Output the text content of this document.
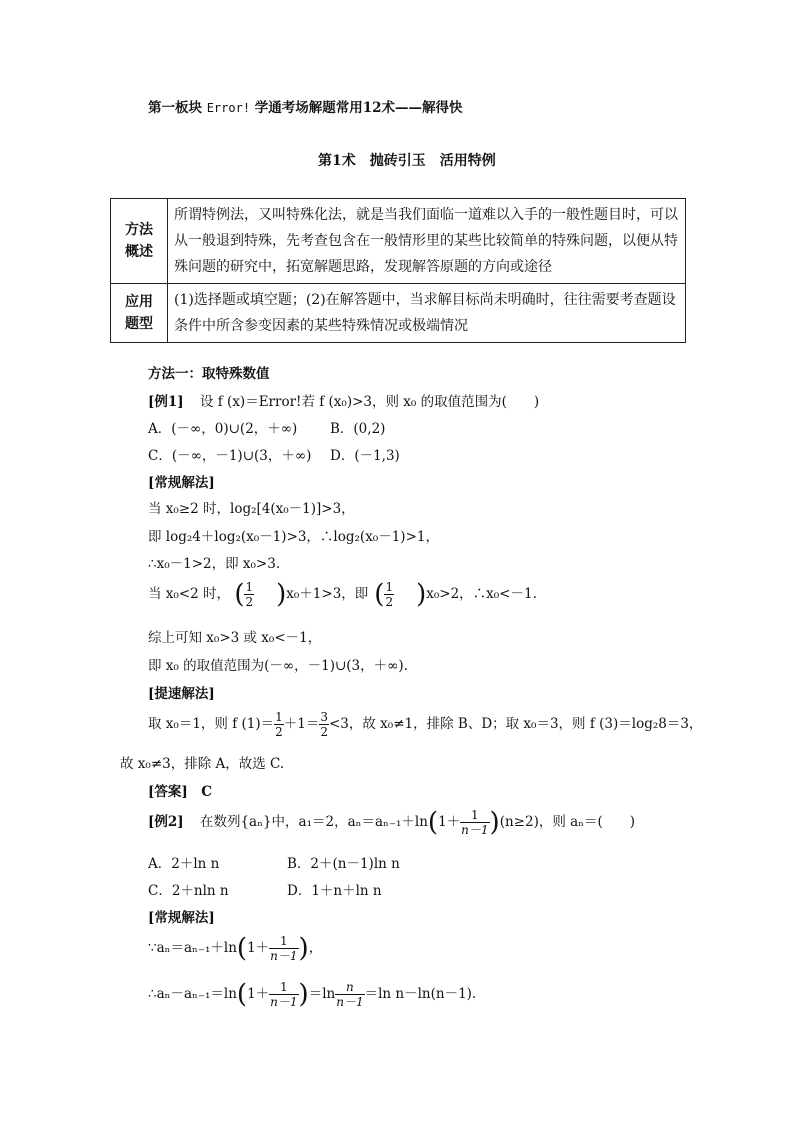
第一板块 Error! 学通考场解题常用12术——解得快
第1术　抛砖引玉　活用特例
方法
概述	所谓特例法，又叫特殊化法，就是当我们面临一道难以入手的一般性题目时，可以从一般退到特殊，先考查包含在一般情形里的某些比较简单的特殊问题，以便从特殊问题的研究中，拓宽解题思路，发现解答原题的方向或途径

应用
题型	(1)选择题或填空题；(2)在解答题中，当求解目标尚未明确时，往往需要考查题设条件中所含参变因素的某些特殊情况或极端情况
方法一：取特殊数值
[例1] 设 f (x)＝Error!若 f (x₀)>3，则 x₀ 的取值范围为(　　)
A．(－∞，0)∪(2，＋∞) B．(0,2)
C．(－∞，－1)∪(3，＋∞) D．(－1,3)
[常规解法]
当 x₀≥2 时，log₂[4(x₀－1)]>3，
即 log₂4＋log₂(x₀－1)>3，∴log₂(x₀－1)>1，
∴x₀－1>2，即 x₀>3.
当 x₀<2 时， ( $\frac{1}{2} )x_0+1>3$，即 ( $\frac{1}{2} )x_0>2$，∴x₀<－1.
综上可知 x₀>3 或 x₀<－1，
即 x₀ 的取值范围为(－∞，－1)∪(3，＋∞).
[提速解法]
取 x₀＝1，则 f $(1)= \frac{1}{2} +1= \frac{3}{2} <3$，故 x₀≠1，排除 B、D；取 x₀＝3，则 f (3)＝log₂8＝3，
故 x₀≠3，排除 A，故选 C.
[答案]　C
[例2] 在数列{aₙ}中，a₁＝2，$a_n=a_{n-1}+\ln(1+ \frac{1}{n-1} )(n\ge 2)$，则 aₙ＝(　　)
A．2＋ln n	B．2＋(n－1)ln n
C．2＋nln n	D．1＋n＋ln n
[常规解法]
∵aₙ＝aₙ₋₁＋ln(1＋ $\frac{1}{n-1}$ )，
∴aₙ－aₙ₋₁＝ln(1＋ $\frac{1}{n-1} )=\ln \frac{n}{n-1} =\ln$ n－ln(n－1).
